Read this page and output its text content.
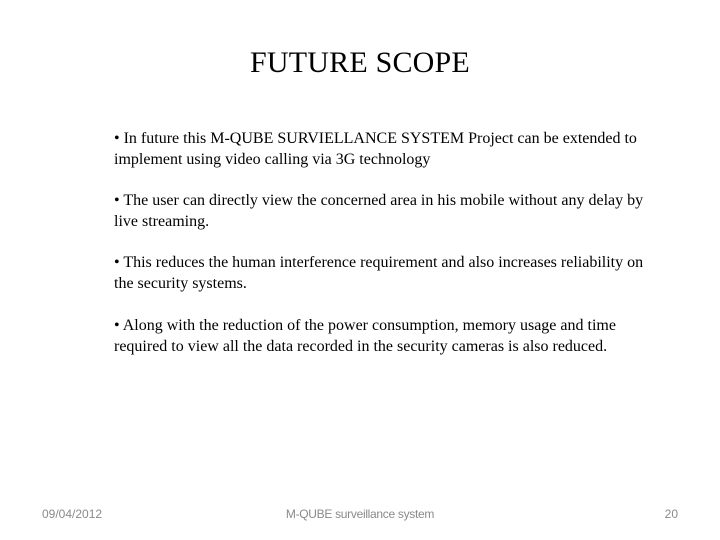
FUTURE SCOPE

• In future this M-QUBE SURVIELLANCE SYSTEM Project can be extended to implement using video calling via 3G technology

• The user can directly view the concerned area in his mobile without any delay by live streaming.

• This reduces the human interference requirement and also increases reliability on the security systems.

• Along with the reduction of the power consumption, memory usage and time required to view all the data recorded in the security cameras is also reduced.

09/04/2012	M-QUBE surveillance system	20
